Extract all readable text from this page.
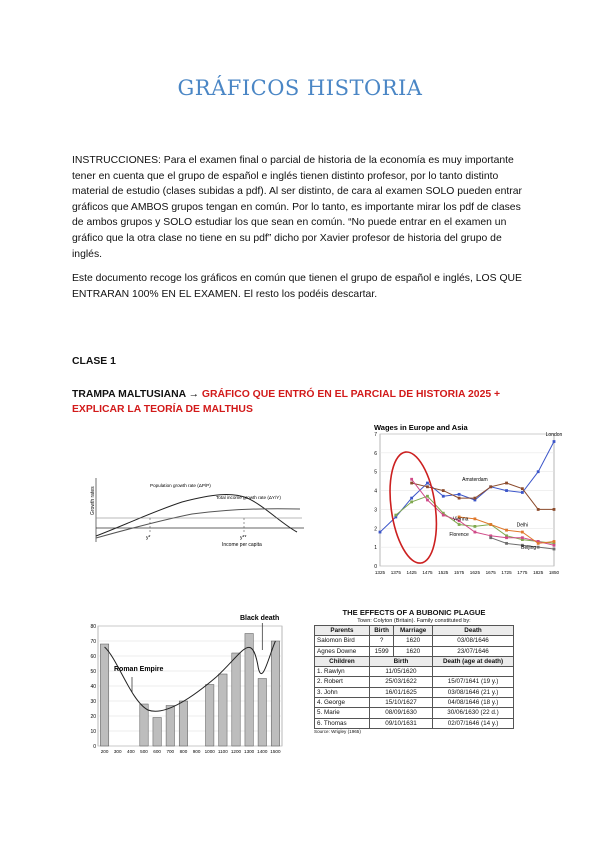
GRÁFICOS HISTORIA
INSTRUCCIONES: Para el examen final o parcial de historia de la economía es muy importante tener en cuenta que el grupo de español e inglés tienen distinto profesor, por lo tanto distinto material de estudio (clases subidas a pdf). Al ser distinto, de cara al examen SOLO pueden entrar gráficos que AMBOS grupos tengan en común. Por lo tanto, es importante mirar los pdf de clases de ambos grupos y SOLO estudiar los que sean en común. “No puede entrar en el examen un gráfico que la otra clase no tiene en su pdf” dicho por Xavier profesor de historia del grupo de inglés.
Este documento recoge los gráficos en común que tienen el grupo de español e inglés, LOS QUE ENTRARAN 100% EN EL EXAMEN. El resto los podéis descartar.
CLASE 1
TRAMPA MALTUSIANA → GRÁFICO QUE ENTRÓ EN EL PARCIAL DE HISTORIA 2025 + EXPLICAR LA TEORÍA DE MALTHUS
Growth rates
Population growth rate (ΔP/P)
Total income growth rate (ΔY/Y)
y*	y**
Income per capita
Wages in Europe and Asia
0
1
2
3
4
5
6
7
1325 1375 1425 1475 1525 1575 1625 1675 1725 1775 1825 1850
London
Amsterdam
Vienna
Delhi
Florence
Beijing
0
10
20
30
40
50
60
70
80
200 300 400 500 600 700 800 900 1000 1100 1200 1300 1400 1500
Roman Empire
Black death
THE EFFECTS OF A BUBONIC PLAGUE
Town: Colyton (Britain). Family constituted by:
Parents	Birth	Marriage	Death
Salomon Bird	?	1620	03/08/1646
Agnes Downe	1599	1620	23/07/1646
Children	Birth		Death (age at death)
1. Rawlyn	11/05/1620		
2. Robert	25/03/1622		15/07/1641 (19 y.)
3. John	16/01/1625		03/08/1646 (21 y.)
4. George	15/10/1627		04/08/1646 (18 y.)
5. Marie	08/09/1630		30/06/1630 (22 d.)
6. Thomas	09/10/1631		02/07/1646 (14 y.)
Source: Wrigley (1965)
